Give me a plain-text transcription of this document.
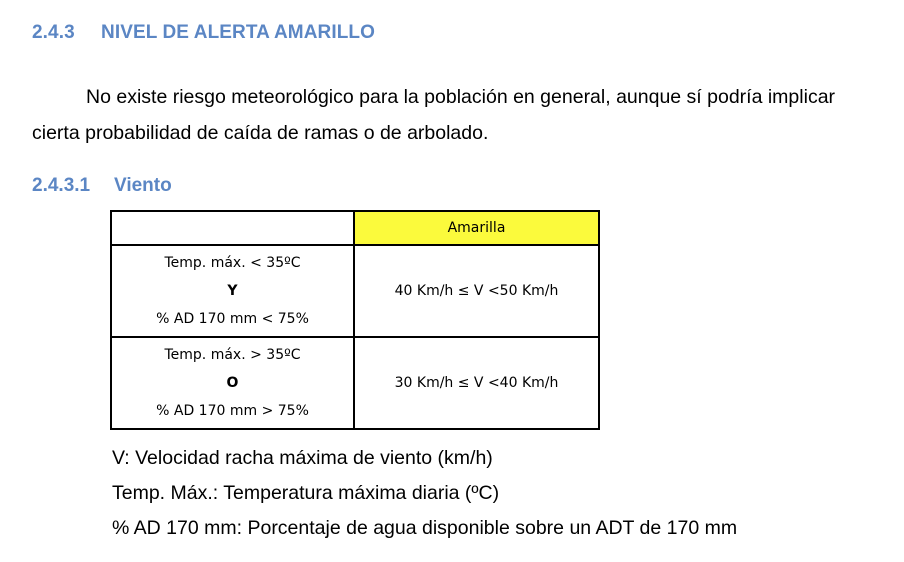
2.4.3 NIVEL DE ALERTA AMARILLO
No existe riesgo meteorológico para la población en general, aunque sí podría implicar
cierta probabilidad de caída de ramas o de arbolado.
2.4.3.1 Viento
	Amarilla

Temp. máx. < 35ºC
Y
% AD 170 mm < 75%	40 Km/h ≤ V <50 Km/h

Temp. máx. > 35ºC
O
% AD 170 mm > 75%	30 Km/h ≤ V <40 Km/h
V: Velocidad racha máxima de viento (km/h)
Temp. Máx.: Temperatura máxima diaria (ºC)
% AD 170 mm: Porcentaje de agua disponible sobre un ADT de 170 mm
